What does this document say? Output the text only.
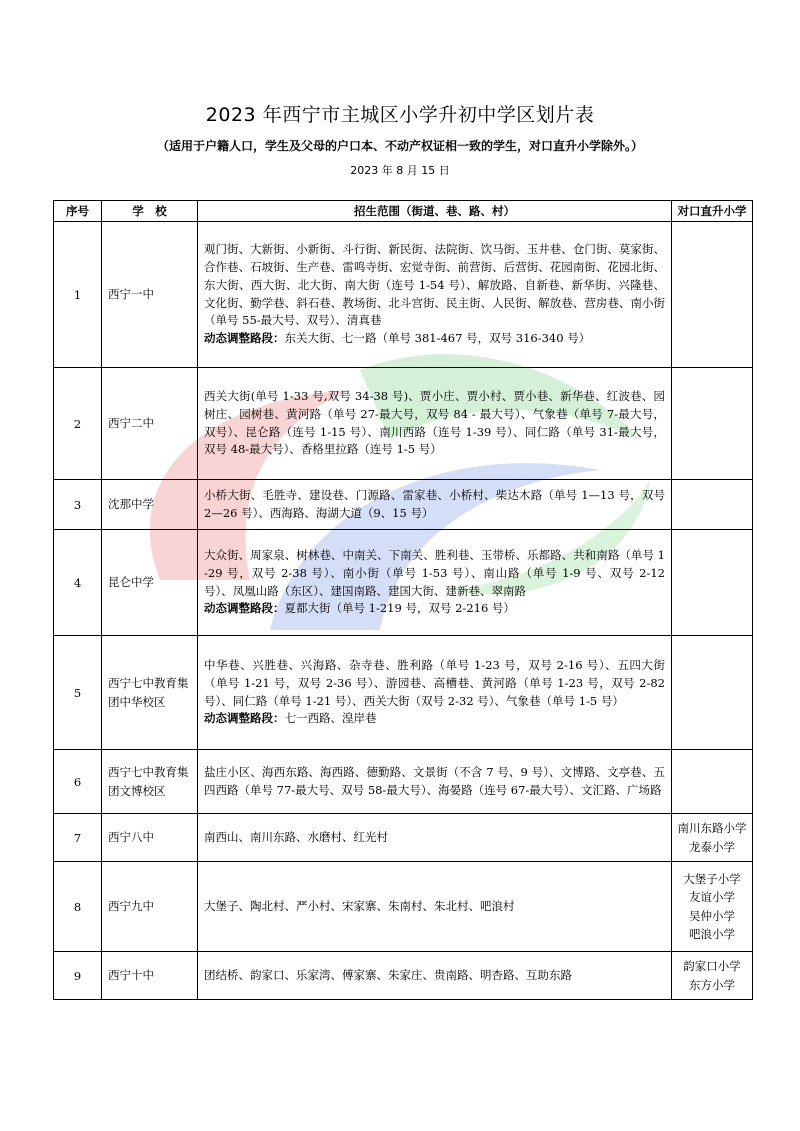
2023 年西宁市主城区小学升初中学区划片表
（适用于户籍人口，学生及父母的户口本、不动产权证相一致的学生，对口直升小学除外。）
2023 年 8 月 15 日
序号	学　校	招生范围（街道、巷、路、村）	对口直升小学
1	西宁一中	观门街、大新街、小新街、斗行街、新民街、法院街、饮马街、玉井巷、仓门街、莫家街、合作巷、石坡街、生产巷、雷鸣寺街、宏觉寺街、前营街、后营街、花园南街、花园北街、东大街、西大街、北大街、南大街（连号 1-54 号）、解放路、自新巷、新华街、兴隆巷、文化街、勤学巷、斜石巷、教场街、北斗宫街、民主街、人民街、解放巷、营房巷、南小街（单号 55-最大号、双号）、清真巷
动态调整路段：东关大街、七一路（单号 381-467 号，双号 316-340 号）	

2	西宁二中	西关大街(单号 1-33 号,双号 34-38 号)、贾小庄、贾小村、贾小巷、新华巷、红波巷、园树庄、园树巷、黄河路（单号 27-最大号，双号 84 - 最大号）、气象巷（单号 7-最大号，双号）、昆仑路（连号 1-15 号）、南川西路（连号 1-39 号）、同仁路（单号 31-最大号，双号 48-最大号）、香格里拉路（连号 1-5 号）	
3	沈那中学	小桥大街、毛胜寺、建设巷、门源路、雷家巷、小桥村、柴达木路（单号 1—13 号，双号 2—26 号）、西海路、海湖大道（9、15 号）	
4	昆仑中学	大众街、周家泉、树林巷、中南关、下南关、胜利巷、玉带桥、乐都路、共和南路（单号 1-29 号，双号 2-38 号）、南小街（单号 1-53 号）、南山路（单号 1-9 号、双号 2-12 号）、凤凰山路（东区）、建国南路、建国大街、建新巷、翠南路
动态调整路段：夏都大街（单号 1-219 号，双号 2-216 号）	

5	西宁七中教育集团中华校区	中华巷、兴胜巷、兴海路、杂寺巷、胜利路（单号 1-23 号，双号 2-16 号）、五四大街（单号 1-21 号，双号 2-36 号）、游园巷、高槽巷、黄河路（单号 1-23 号，双号 2-82 号）、同仁路（单号 1-21 号）、西关大街（双号 2-32 号）、气象巷（单号 1-5 号）
动态调整路段：七一西路、湟岸巷	

6	西宁七中教育集团文博校区	盐庄小区、海西东路、海西路、德勤路、文景街（不含 7 号、9 号）、文博路、文亭巷、五四西路（单号 77-最大号、双号 58-最大号）、海晏路（连号 67-最大号）、文汇路、广场路	
7	西宁八中	南西山、南川东路、水磨村、红光村	南川东路小学
龙泰小学

8	西宁九中	大堡子、陶北村、严小村、宋家寨、朱南村、朱北村、吧浪村	大堡子小学
友谊小学
吴仲小学
吧浪小学

9	西宁十中	团结桥、韵家口、乐家湾、傅家寨、朱家庄、贵南路、明杏路、互助东路	韵家口小学
东方小学
